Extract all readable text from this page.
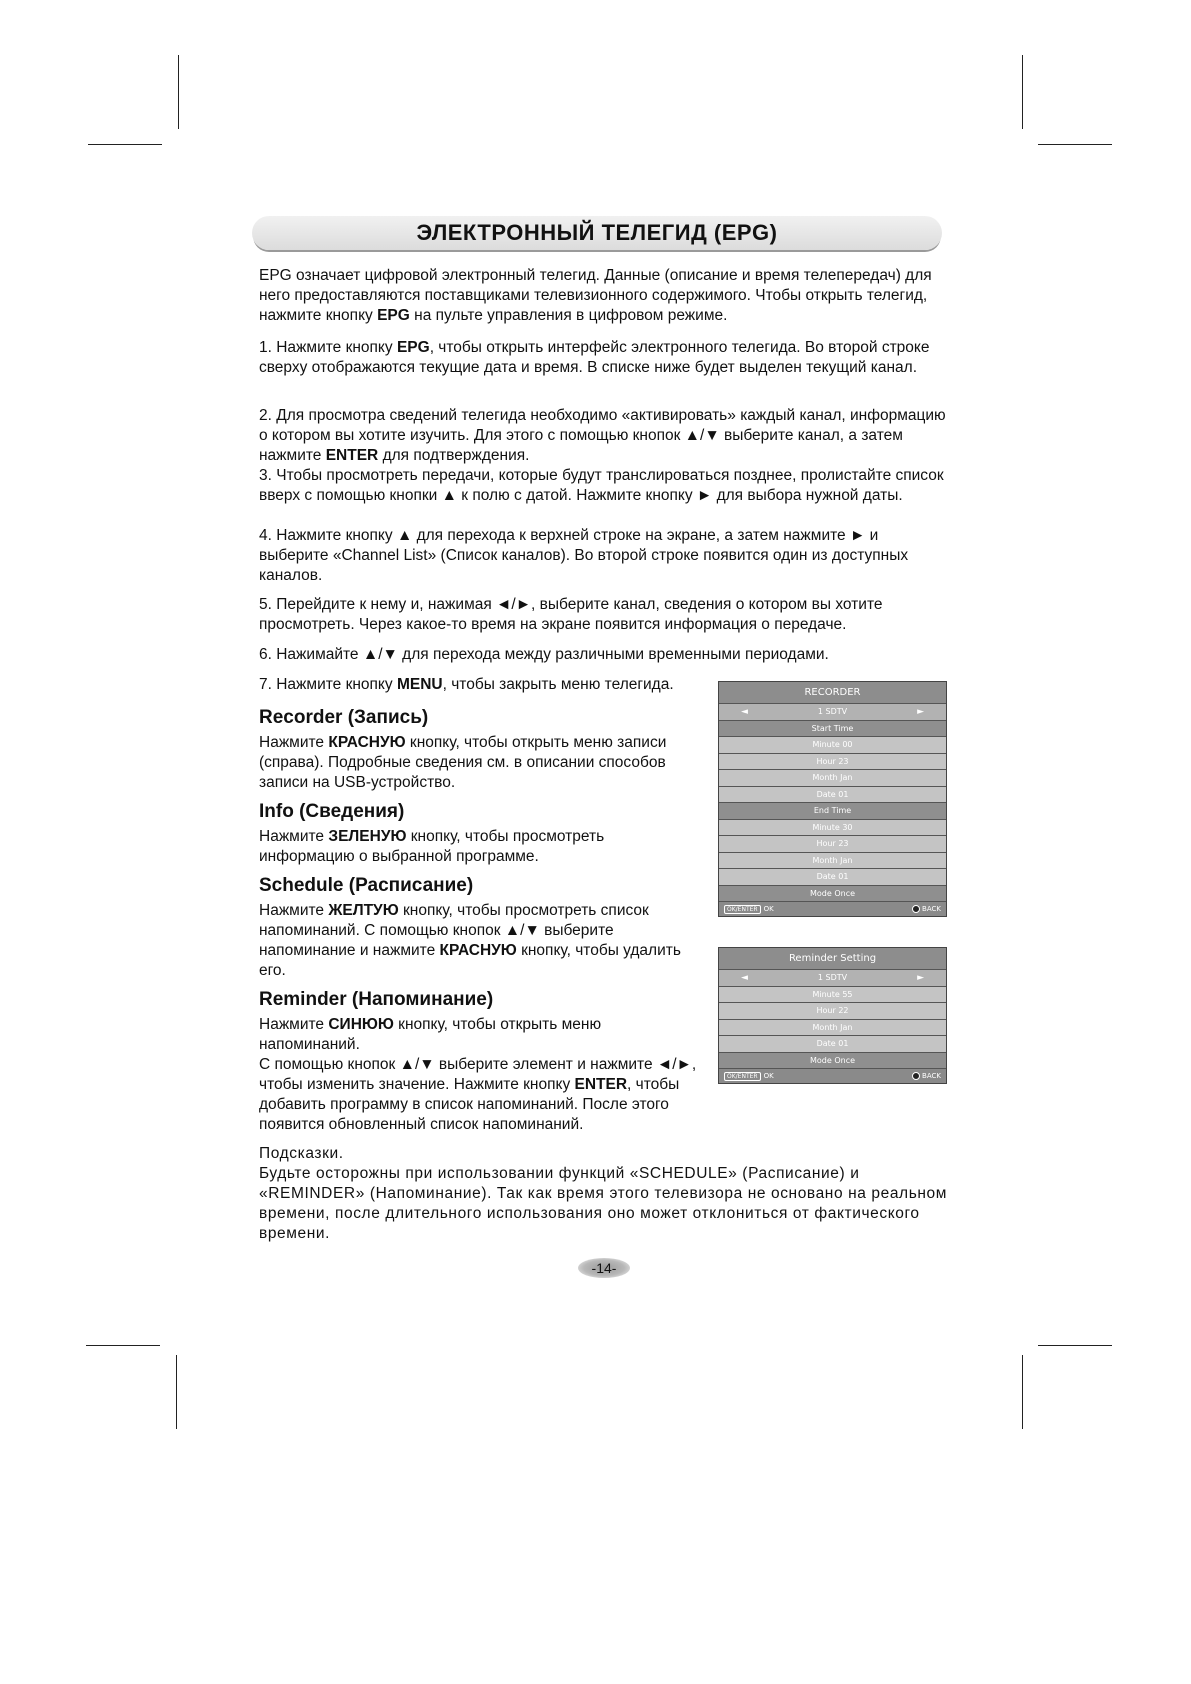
ЭЛЕКТРОННЫЙ ТЕЛЕГИД (EPG)

EPG означает цифровой электронный телегид. Данные (описание и время телепередач) для него предоставляются поставщиками телевизионного содержимого. Чтобы открыть телегид, нажмите кнопку EPG на пульте управления в цифровом режиме.

1. Нажмите кнопку EPG, чтобы открыть интерфейс электронного телегида. Во второй строке сверху отображаются текущие дата и время. В списке ниже будет выделен текущий канал.

2. Для просмотра сведений телегида необходимо «активировать» каждый канал, информацию о котором вы хотите изучить. Для этого с помощью кнопок ▲/▼ выберите канал, а затем нажмите ENTER для подтверждения.

3. Чтобы просмотреть передачи, которые будут транслироваться позднее, пролистайте список вверх с помощью кнопки ▲ к полю с датой. Нажмите кнопку ► для выбора нужной даты.

4. Нажмите кнопку ▲ для перехода к верхней строке на экране, а затем нажмите ► и выберите «Channel List» (Список каналов). Во второй строке появится один из доступных каналов.

5. Перейдите к нему и, нажимая ◄/►, выберите канал, сведения о котором вы хотите просмотреть. Через какое-то время на экране появится информация о передаче.

6. Нажимайте ▲/▼ для перехода между различными временными периодами.

7. Нажмите кнопку MENU, чтобы закрыть меню телегида.

Recorder (Запись)

Нажмите КРАСНУЮ кнопку, чтобы открыть меню записи (справа). Подробные сведения см. в описании способов записи на USB-устройство.

Info (Сведения)

Нажмите ЗЕЛЕНУЮ кнопку, чтобы просмотреть информацию о выбранной программе.

Schedule (Расписание)

Нажмите ЖЕЛТУЮ кнопку, чтобы просмотреть список напоминаний. С помощью кнопок ▲/▼ выберите напоминание и нажмите КРАСНУЮ кнопку, чтобы удалить его.

Reminder (Напоминание)

Нажмите СИНЮЮ кнопку, чтобы открыть меню напоминаний.
С помощью кнопок ▲/▼ выберите элемент и нажмите ◄/►, чтобы изменить значение. Нажмите кнопку ENTER, чтобы добавить программу в список напоминаний. После этого появится обновленный список напоминаний.

Подсказки.

Будьте осторожны при использовании функций «SCHEDULE» (Расписание) и «REMINDER» (Напоминание). Так как время этого телевизора не основано на реальном времени, после длительного использования оно может отклониться от фактического времени.

RECORDER
◄	1 SDTV	►
Start Time
Minute 00
Hour 23
Month Jan
Date 01
End Time
Minute 30
Hour 23
Month Jan
Date 01
Mode Once
OK/ENTER OK	BACK
Reminder Setting
◄	1 SDTV	►
Minute 55
Hour 22
Month Jan
Date 01
Mode Once
OK/ENTER OK	BACK
-14-
